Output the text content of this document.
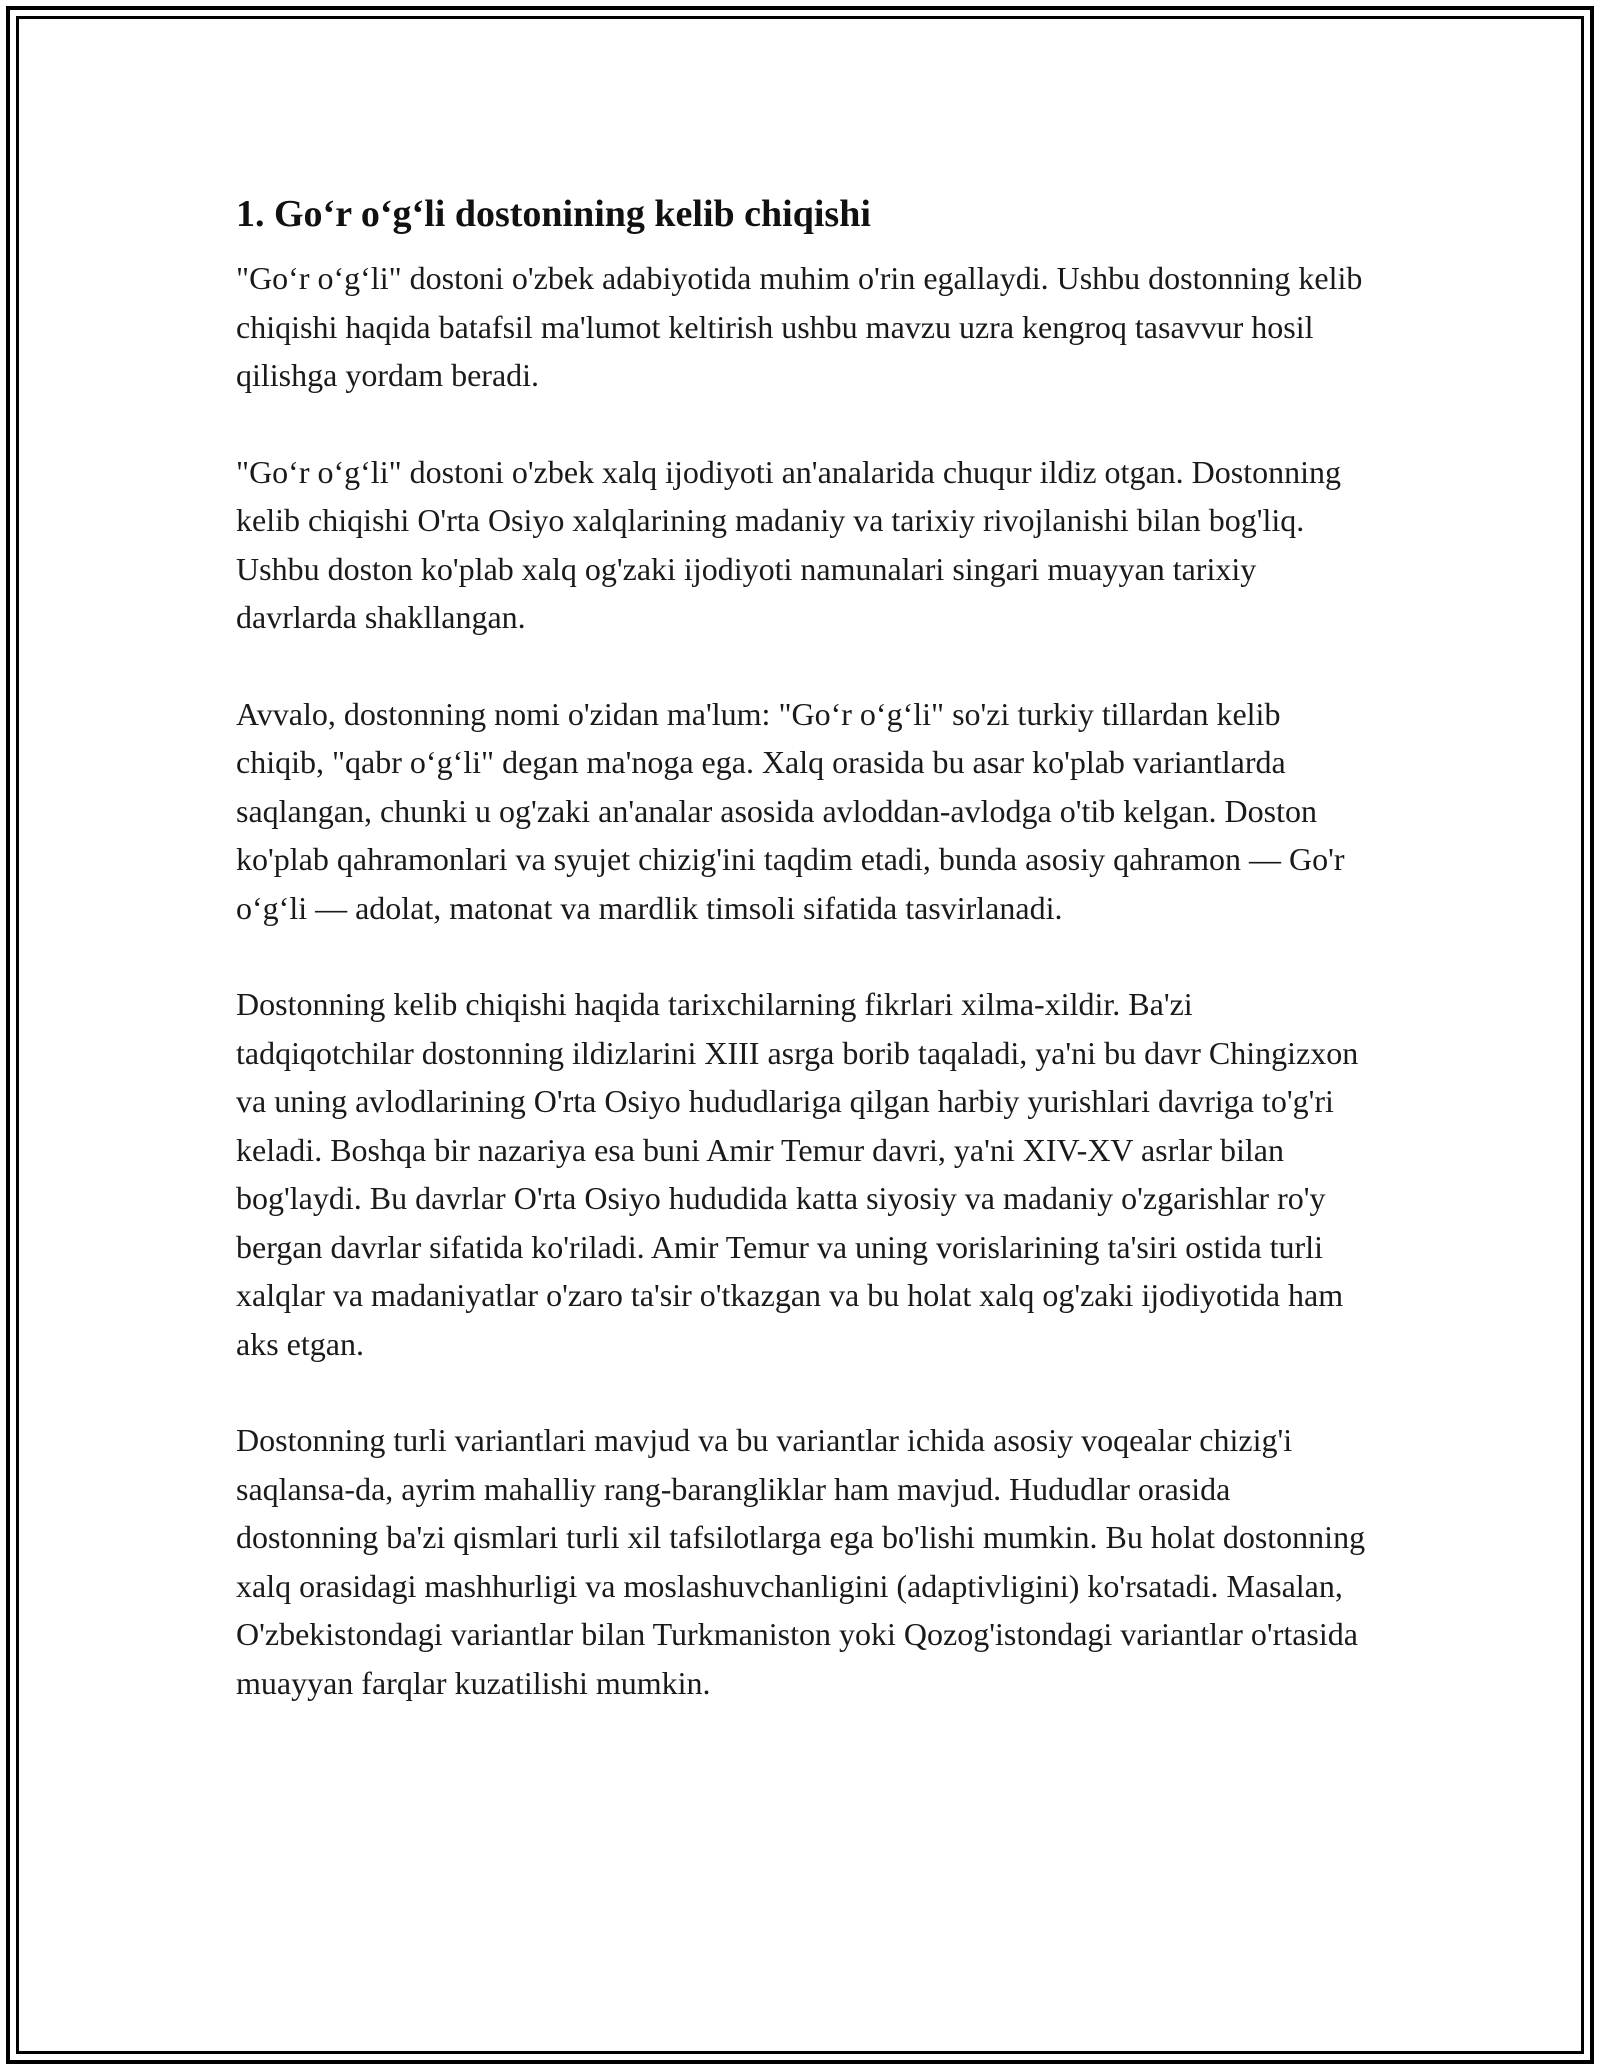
1. Go‘r o‘g‘li dostonining kelib chiqishi

"Go‘r o‘g‘li" dostoni o'zbek adabiyotida muhim o'rin egallaydi. Ushbu dostonning kelib chiqishi haqida batafsil ma'lumot keltirish ushbu mavzu uzra kengroq tasavvur hosil qilishga yordam beradi.

"Go‘r o‘g‘li" dostoni o'zbek xalq ijodiyoti an'analarida chuqur ildiz otgan. Dostonning kelib chiqishi O'rta Osiyo xalqlarining madaniy va tarixiy rivojlanishi bilan bog'liq. Ushbu doston ko'plab xalq og'zaki ijodiyoti namunalari singari muayyan tarixiy davrlarda shakllangan.

Avvalo, dostonning nomi o'zidan ma'lum: "Go‘r o‘g‘li" so'zi turkiy tillardan kelib chiqib, "qabr o‘g‘li" degan ma'noga ega. Xalq orasida bu asar ko'plab variantlarda saqlangan, chunki u og'zaki an'analar asosida avloddan-avlodga o'tib kelgan. Doston ko'plab qahramonlari va syujet chizig'ini taqdim etadi, bunda asosiy qahramon — Go'r o‘g‘li — adolat, matonat va mardlik timsoli sifatida tasvirlanadi.

Dostonning kelib chiqishi haqida tarixchilarning fikrlari xilma-xildir. Ba'zi tadqiqotchilar dostonning ildizlarini XIII asrga borib taqaladi, ya'ni bu davr Chingizxon va uning avlodlarining O'rta Osiyo hududlariga qilgan harbiy yurishlari davriga to'g'ri keladi. Boshqa bir nazariya esa buni Amir Temur davri, ya'ni XIV-XV asrlar bilan bog'laydi. Bu davrlar O'rta Osiyo hududida katta siyosiy va madaniy o'zgarishlar ro'y bergan davrlar sifatida ko'riladi. Amir Temur va uning vorislarining ta'siri ostida turli xalqlar va madaniyatlar o'zaro ta'sir o'tkazgan va bu holat xalq og'zaki ijodiyotida ham aks etgan.

Dostonning turli variantlari mavjud va bu variantlar ichida asosiy voqealar chizig'i saqlansa-da, ayrim mahalliy rang-barangliklar ham mavjud. Hududlar orasida dostonning ba'zi qismlari turli xil tafsilotlarga ega bo'lishi mumkin. Bu holat dostonning xalq orasidagi mashhurligi va moslashuvchanligini (adaptivligini) ko'rsatadi. Masalan, O'zbekistondagi variantlar bilan Turkmaniston yoki Qozog'istondagi variantlar o'rtasida muayyan farqlar kuzatilishi mumkin.
